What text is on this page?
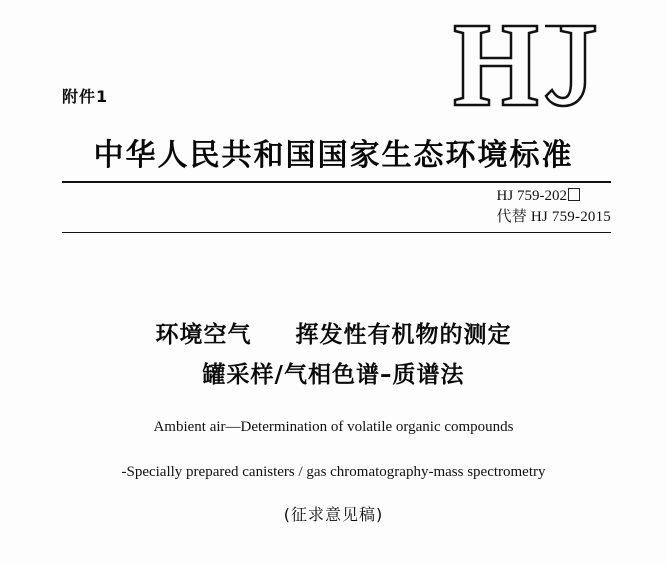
附件1
中华人民共和国国家生态环境标准
HJ 759-202
代替 HJ 759-2015
环境空气 挥发性有机物的测定
罐采样/气相色谱–质谱法
Ambient air—Determination of volatile organic compounds
-Specially prepared canisters / gas chromatography-mass spectrometry
(征求意见稿)
